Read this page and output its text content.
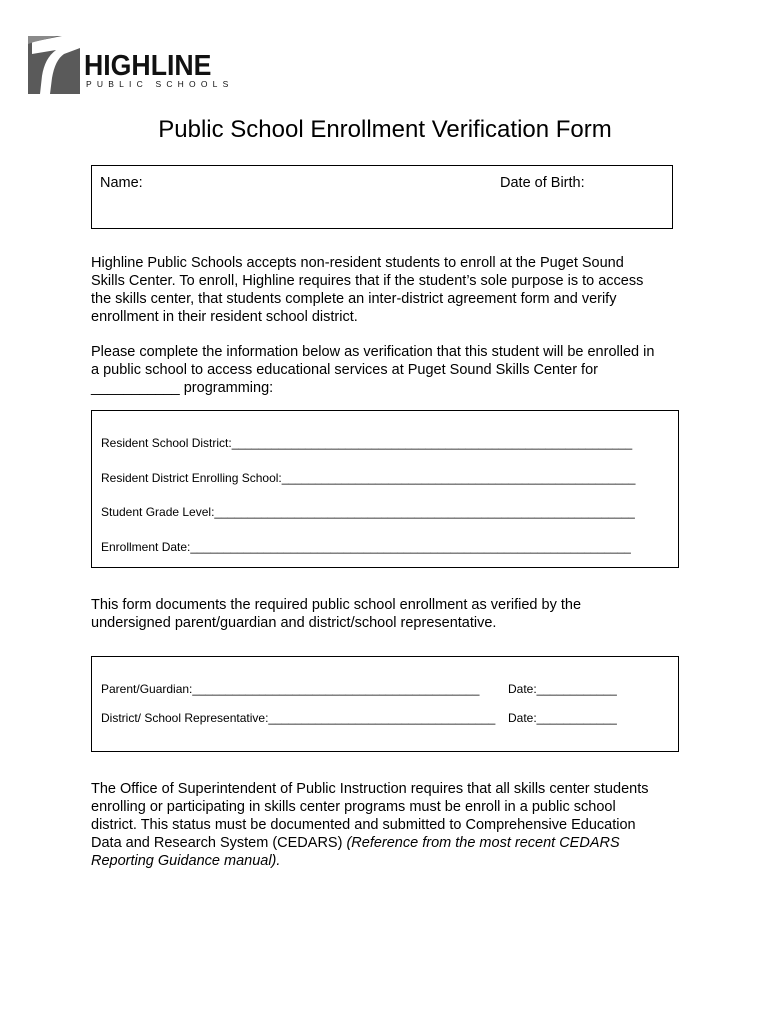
HIGHLINE
PUBLIC SCHOOLS
Public School Enrollment Verification Form
Name:	Date of Birth:
Highline Public Schools accepts non-resident students to enroll at the Puget Sound
Skills Center. To enroll, Highline requires that if the student’s sole purpose is to access
the skills center, that students complete an inter-district agreement form and verify
enrollment in their resident school district.
Please complete the information below as verification that this student will be enrolled in
a public school to access educational services at Puget Sound Skills Center for
___________ programming:
Resident School District:____________________________________________________________
Resident District Enrolling School:_____________________________________________________
Student Grade Level:_______________________________________________________________
Enrollment Date:__________________________________________________________________
This form documents the required public school enrollment as verified by the
undersigned parent/guardian and district/school representative.
Parent/Guardian:___________________________________________ Date:____________
District/ School Representative:__________________________________ Date:____________
The Office of Superintendent of Public Instruction requires that all skills center students
enrolling or participating in skills center programs must be enroll in a public school
district. This status must be documented and submitted to Comprehensive Education
Data and Research System (CEDARS) (Reference from the most recent CEDARS
Reporting Guidance manual).
